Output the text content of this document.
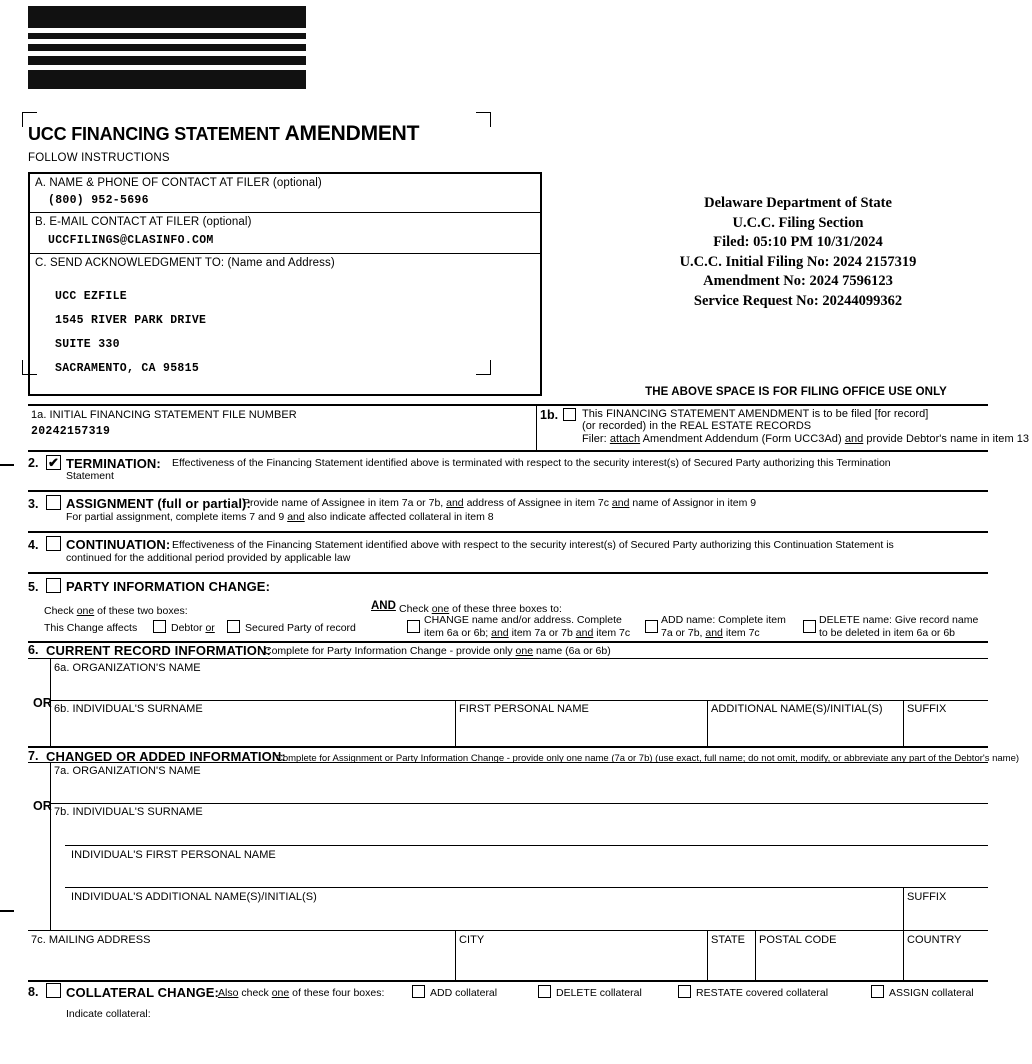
UCC FINANCING STATEMENT AMENDMENT
FOLLOW INSTRUCTIONS
A. NAME & PHONE OF CONTACT AT FILER (optional)
(800) 952-5696
B. E-MAIL CONTACT AT FILER (optional)
UCCFILINGS@CLASINFO.COM
C. SEND ACKNOWLEDGMENT TO: (Name and Address)
UCC EZFILE
1545 RIVER PARK DRIVE
SUITE 330
SACRAMENTO, CA 95815
Delaware Department of State
U.C.C. Filing Section
Filed: 05:10 PM 10/31/2024
U.C.C. Initial Filing No: 2024 2157319
Amendment No: 2024 7596123
Service Request No: 20244099362
THE ABOVE SPACE IS FOR FILING OFFICE USE ONLY
1a. INITIAL FINANCING STATEMENT FILE NUMBER
20242157319
1b. This FINANCING STATEMENT AMENDMENT is to be filed [for record]
(or recorded) in the REAL ESTATE RECORDS
Filer: attach Amendment Addendum (Form UCC3Ad) and provide Debtor's name in item 13
2. ✔ TERMINATION: Effectiveness of the Financing Statement identified above is terminated with respect to the security interest(s) of Secured Party authorizing this Termination
Statement
3. ASSIGNMENT (full or partial):
Provide name of Assignee in item 7a or 7b, and address of Assignee in item 7c and name of Assignor in item 9
For partial assignment, complete items 7 and 9 and also indicate affected collateral in item 8
4. CONTINUATION: Effectiveness of the Financing Statement identified above with respect to the security interest(s) of Secured Party authorizing this Continuation Statement is
continued for the additional period provided by applicable law
5. PARTY INFORMATION CHANGE:
Check one of these two boxes:	AND Check one of these three boxes to:
This Change affects	Debtor or	Secured Party of record
CHANGE name and/or address. Complete
item 6a or 6b; and item 7a or 7b and item 7c
ADD name: Complete item
7a or 7b, and item 7c
DELETE name: Give record name
to be deleted in item 6a or 6b
6. CURRENT RECORD INFORMATION:
Complete for Party Information Change - provide only one name (6a or 6b)
OR
6a. ORGANIZATION'S NAME
6b. INDIVIDUAL'S SURNAME	FIRST PERSONAL NAME	ADDITIONAL NAME(S)/INITIAL(S) SUFFIX
7. CHANGED OR ADDED INFORMATION:
Complete for Assignment or Party Information Change - provide only one name (7a or 7b) (use exact, full name; do not omit, modify, or abbreviate any part of the Debtor's name)
OR
7a. ORGANIZATION'S NAME
7b. INDIVIDUAL'S SURNAME
INDIVIDUAL'S FIRST PERSONAL NAME
INDIVIDUAL'S ADDITIONAL NAME(S)/INITIAL(S)	SUFFIX
7c. MAILING ADDRESS	CITY	STATE POSTAL CODE	COUNTRY
8. COLLATERAL CHANGE: Also check one of these four boxes:	ADD collateral	DELETE collateral	RESTATE covered collateral	ASSIGN collateral
Indicate collateral:
